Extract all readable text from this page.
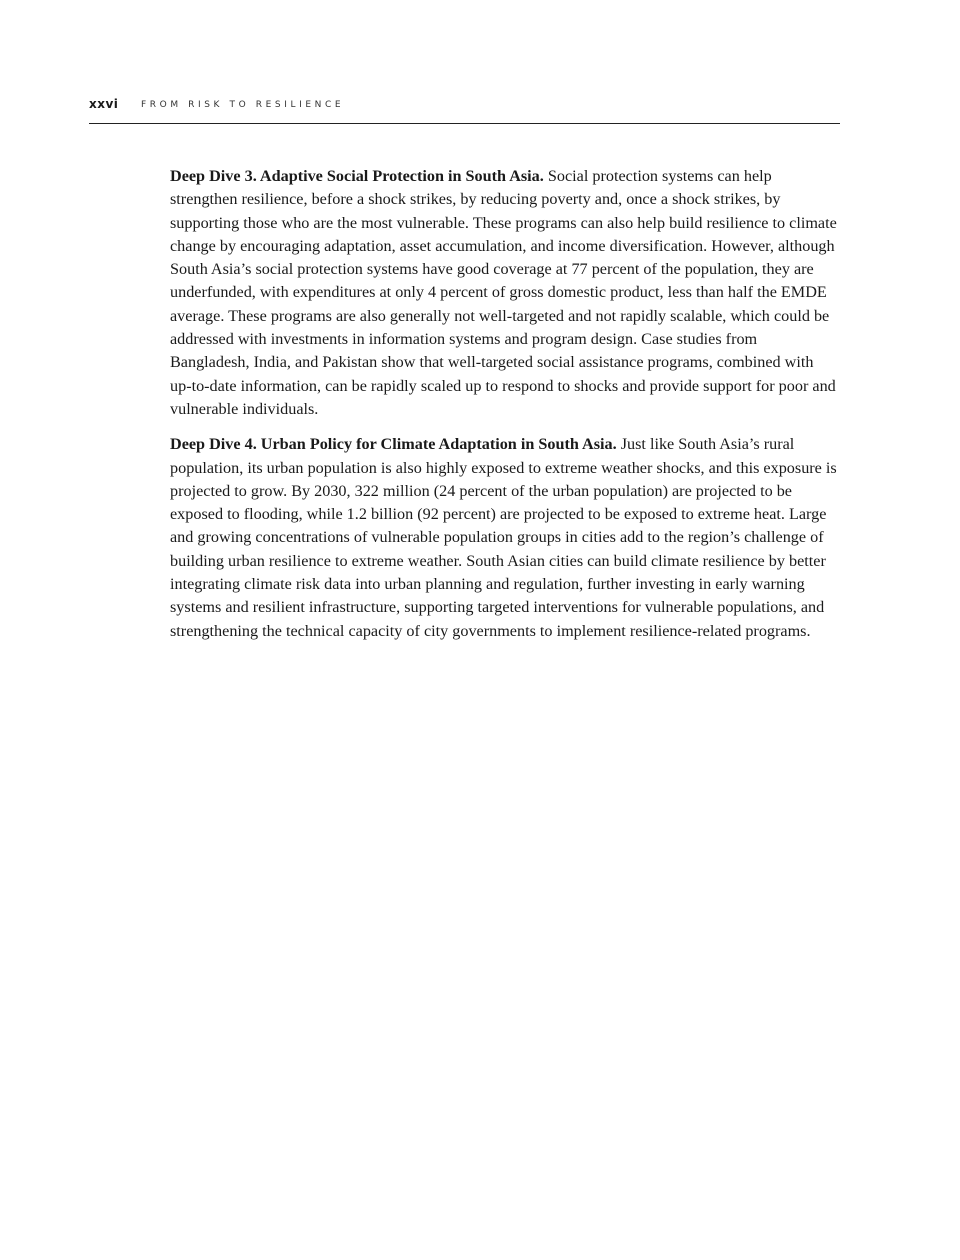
xxvi	FROM RISK TO RESILIENCE

Deep Dive 3. Adaptive Social Protection in South Asia. Social protection systems can help strengthen resilience, before a shock strikes, by reducing poverty and, once a shock strikes, by supporting those who are the most vulnerable. These programs can also help build resilience to climate change by encouraging adaptation, asset accumulation, and income diversification. However, although South Asia’s social protection systems have good coverage at 77 percent of the population, they are underfunded, with expenditures at only 4 percent of gross domestic product, less than half the EMDE average. These programs are also generally not well-targeted and not rapidly scalable, which could be addressed with investments in information systems and program design. Case studies from Bangladesh, India, and Pakistan show that well-targeted social assistance programs, combined with up-to-date information, can be rapidly scaled up to respond to shocks and provide support for poor and vulnerable individuals.

Deep Dive 4. Urban Policy for Climate Adaptation in South Asia. Just like South Asia’s rural population, its urban population is also highly exposed to extreme weather shocks, and this exposure is projected to grow. By 2030, 322 million (24 percent of the urban population) are projected to be exposed to flooding, while 1.2 billion (92 percent) are projected to be exposed to extreme heat. Large and growing concentrations of vulnerable population groups in cities add to the region’s challenge of building urban resilience to extreme weather. South Asian cities can build climate resilience by better integrating climate risk data into urban planning and regulation, further investing in early warning systems and resilient infrastructure, supporting targeted interventions for vulnerable populations, and strengthening the technical capacity of city governments to implement resilience-related programs.
